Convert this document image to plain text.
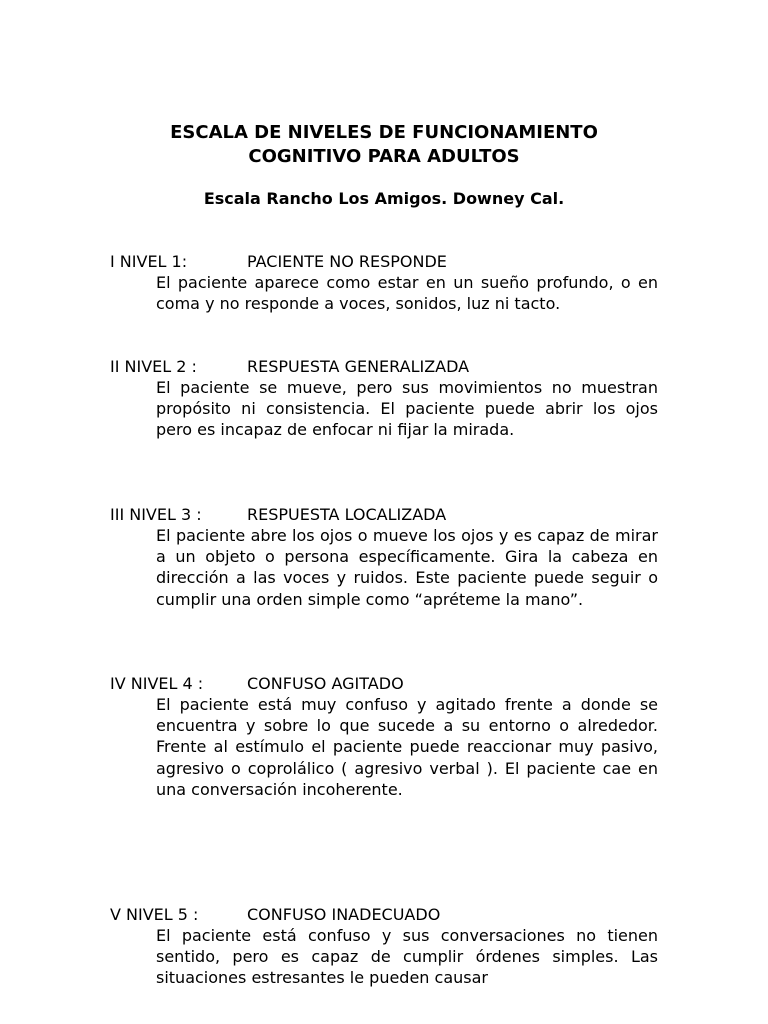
ESCALA DE NIVELES DE FUNCIONAMIENTO
COGNITIVO PARA ADULTOS

Escala Rancho Los Amigos. Downey Cal.

I NIVEL 1:	PACIENTE NO RESPONDE

El paciente aparece como estar en un sueño profundo, o en coma y no responde a voces, sonidos, luz ni tacto.

II NIVEL 2 :	RESPUESTA GENERALIZADA

El paciente se mueve, pero sus movimientos no muestran propósito ni consistencia. El paciente puede abrir los ojos pero es incapaz de enfocar ni fijar la mirada.

III NIVEL 3 :	RESPUESTA LOCALIZADA

El paciente abre los ojos o mueve los ojos y es capaz de mirar a un objeto o persona específicamente. Gira la cabeza en dirección a las voces y ruidos. Este paciente puede seguir o cumplir una orden simple como “apréteme la mano”.

IV NIVEL 4 :	CONFUSO AGITADO

El paciente está muy confuso y agitado frente a donde se encuentra y sobre lo que sucede a su entorno o alrededor. Frente al estímulo el paciente puede reaccionar muy pasivo, agresivo o coprolálico ( agresivo verbal ). El paciente cae en una conversación incoherente.

V NIVEL 5 :	CONFUSO INADECUADO

El paciente está confuso y sus conversaciones no tienen sentido, pero es capaz de cumplir órdenes simples. Las situaciones estresantes le pueden causar
